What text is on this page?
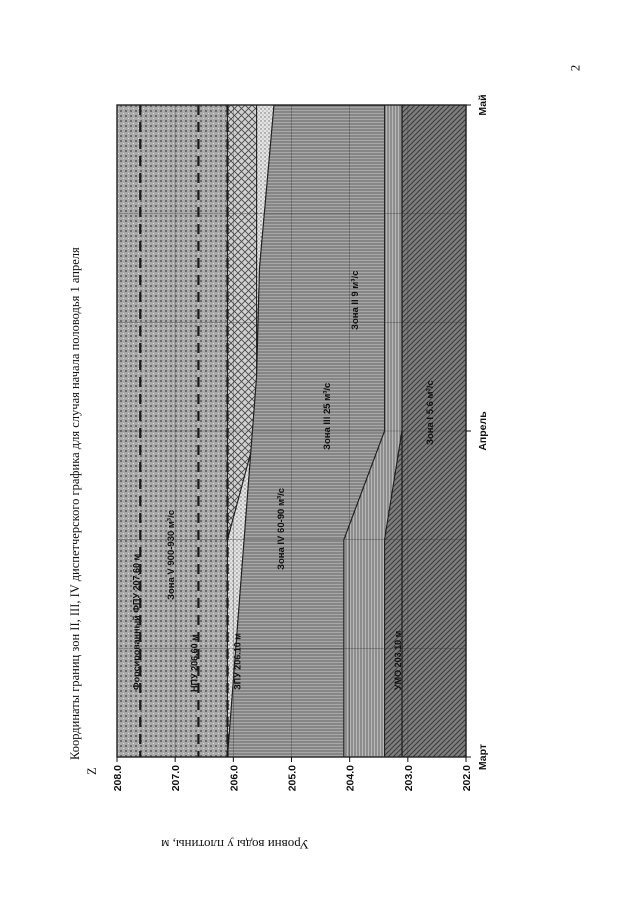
2
Форсированный ФПУ 207.60 м	НПУ 206.60 м	ЗПУ 206.10 м	УМО 203.10 м
Зона V 900-930 м³/с	Зона IV 60-90 м³/с
Зона III 25 м³/с
Зона II 9 м³/с
Зона I 5.6 м³/с
208.0	207.0	206.0	205.0	204.0	203.0	202.0
Март
Апрель
Май
Координаты границ зон II, III, IV диспетчерского графика для случая начала половодья 1 апреля
Z
Уровни воды у плотины, м
